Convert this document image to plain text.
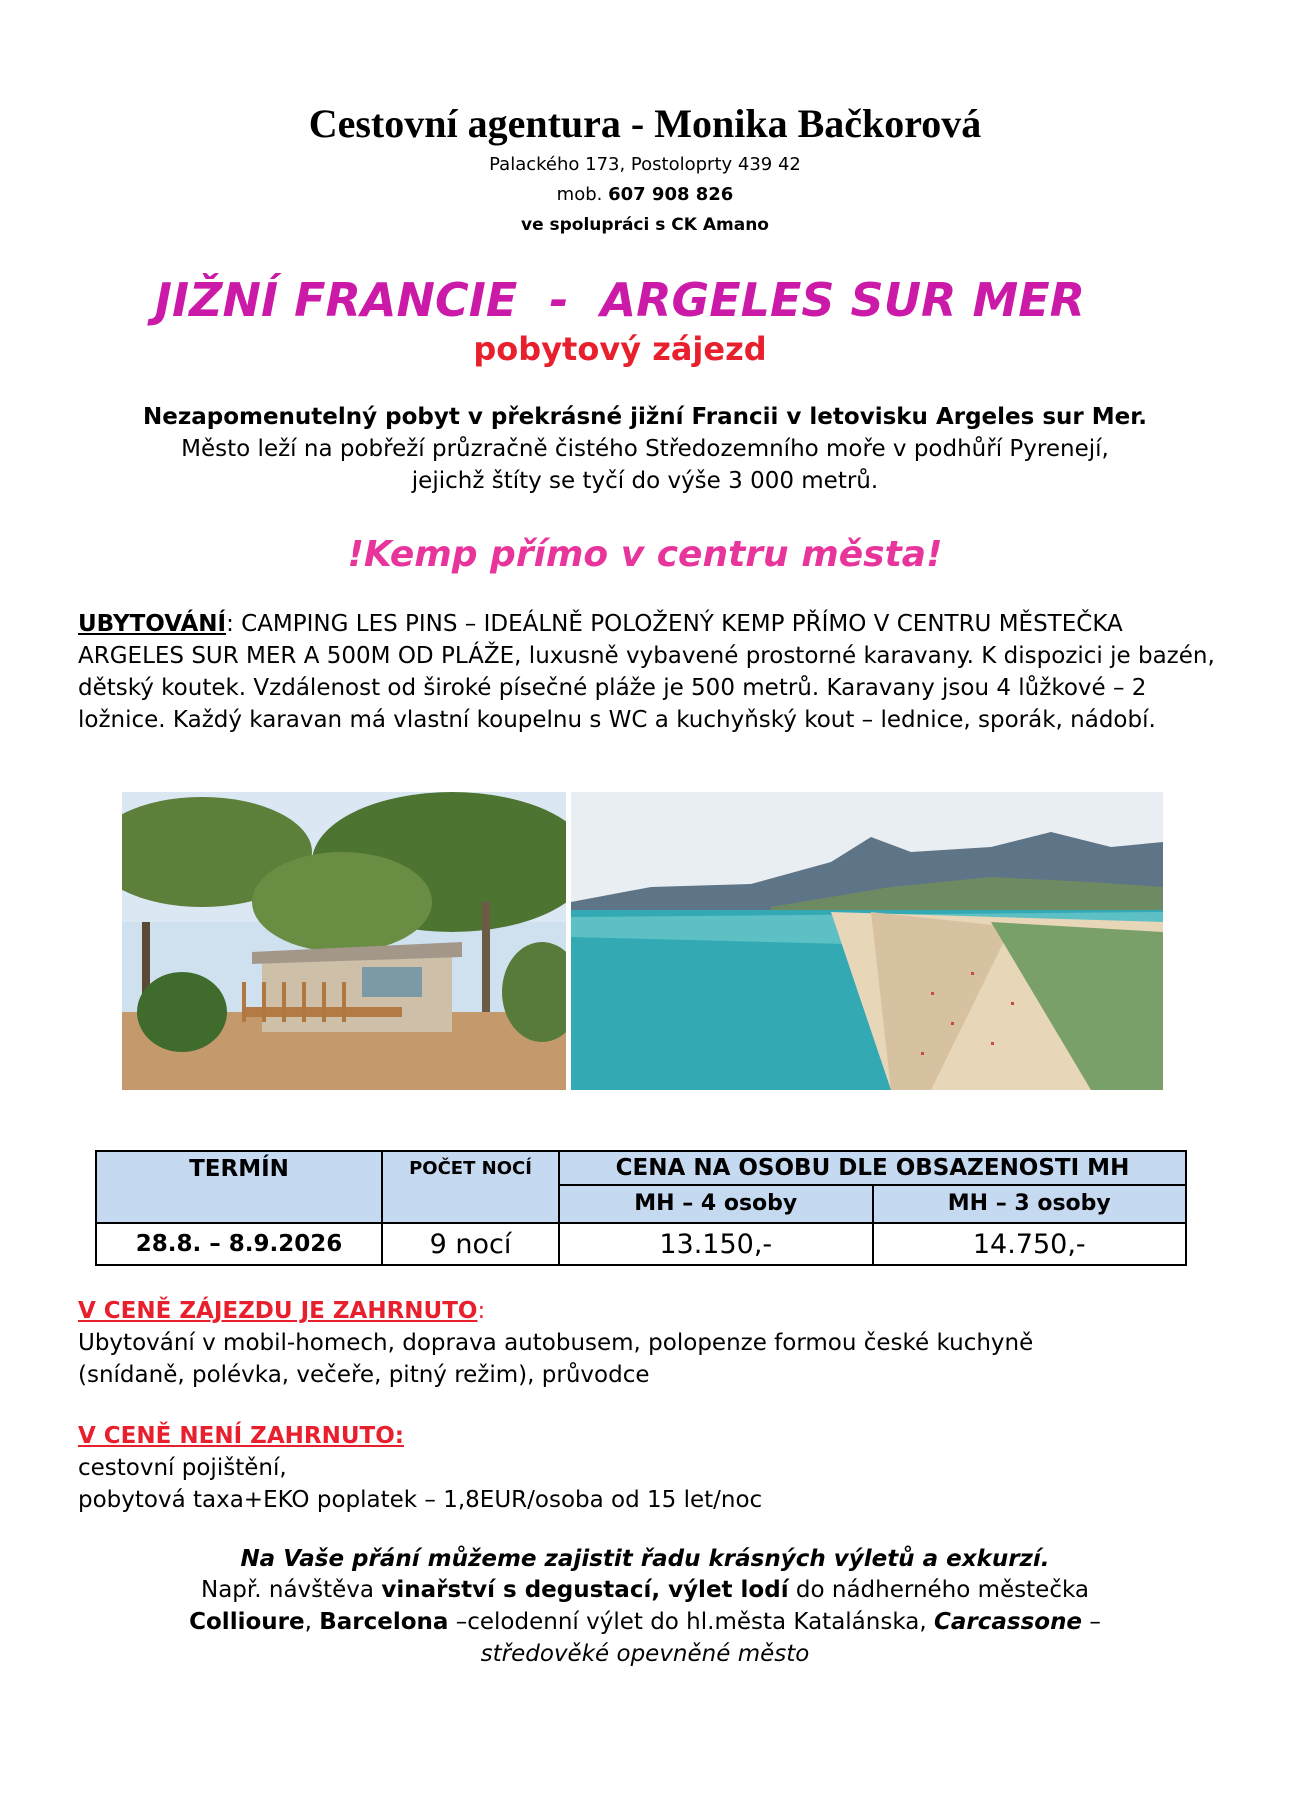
Cestovní agentura - Monika Bačkorová
Palackého 173, Postoloprty 439 42
mob. 607 908 826
ve spolupráci s CK Amano
JIŽNÍ FRANCIE  -  ARGELES SUR MER
pobytový zájezd
Nezapomenutelný pobyt v překrásné jižní Francii v letovisku Argeles sur Mer.
Město leží na pobřeží průzračně čistého Středozemního moře v podhůří Pyrenejí,
jejichž štíty se tyčí do výše 3 000 metrů.
!Kemp přímo v centru města!
UBYTOVÁNÍ: CAMPING LES PINS – IDEÁLNĚ POLOŽENÝ KEMP PŘÍMO V CENTRU MĚSTEČKA ARGELES SUR MER A 500M OD PLÁŽE, luxusně vybavené prostorné karavany. K dispozici je bazén, dětský koutek. Vzdálenost od široké písečné pláže je 500 metrů. Karavany jsou 4 lůžkové – 2 ložnice. Každý karavan má vlastní koupelnu s WC a kuchyňský kout – lednice, sporák, nádobí.
TERMÍN	POČET NOCÍ	CENA NA OSOBU DLE OBSAZENOSTI MH	
		MH – 4 osoby	MH – 3 osoby
28.8. – 8.9.2026	9 nocí	13.150,-	14.750,-
V CENĚ ZÁJEZDU JE ZAHRNUTO:
Ubytování v mobil-homech, doprava autobusem, polopenze formou české kuchyně
(snídaně, polévka, večeře, pitný režim), průvodce
V CENĚ NENÍ ZAHRNUTO:
cestovní pojištění,
pobytová taxa+EKO poplatek – 1,8EUR/osoba od 15 let/noc
Na Vaše přání můžeme zajistit řadu krásných výletů a exkurzí.
Např. návštěva vinařství s degustací, výlet lodí do nádherného městečka
Collioure, Barcelona –celodenní výlet do hl.města Katalánska, Carcassone –
středověké opevněné město
